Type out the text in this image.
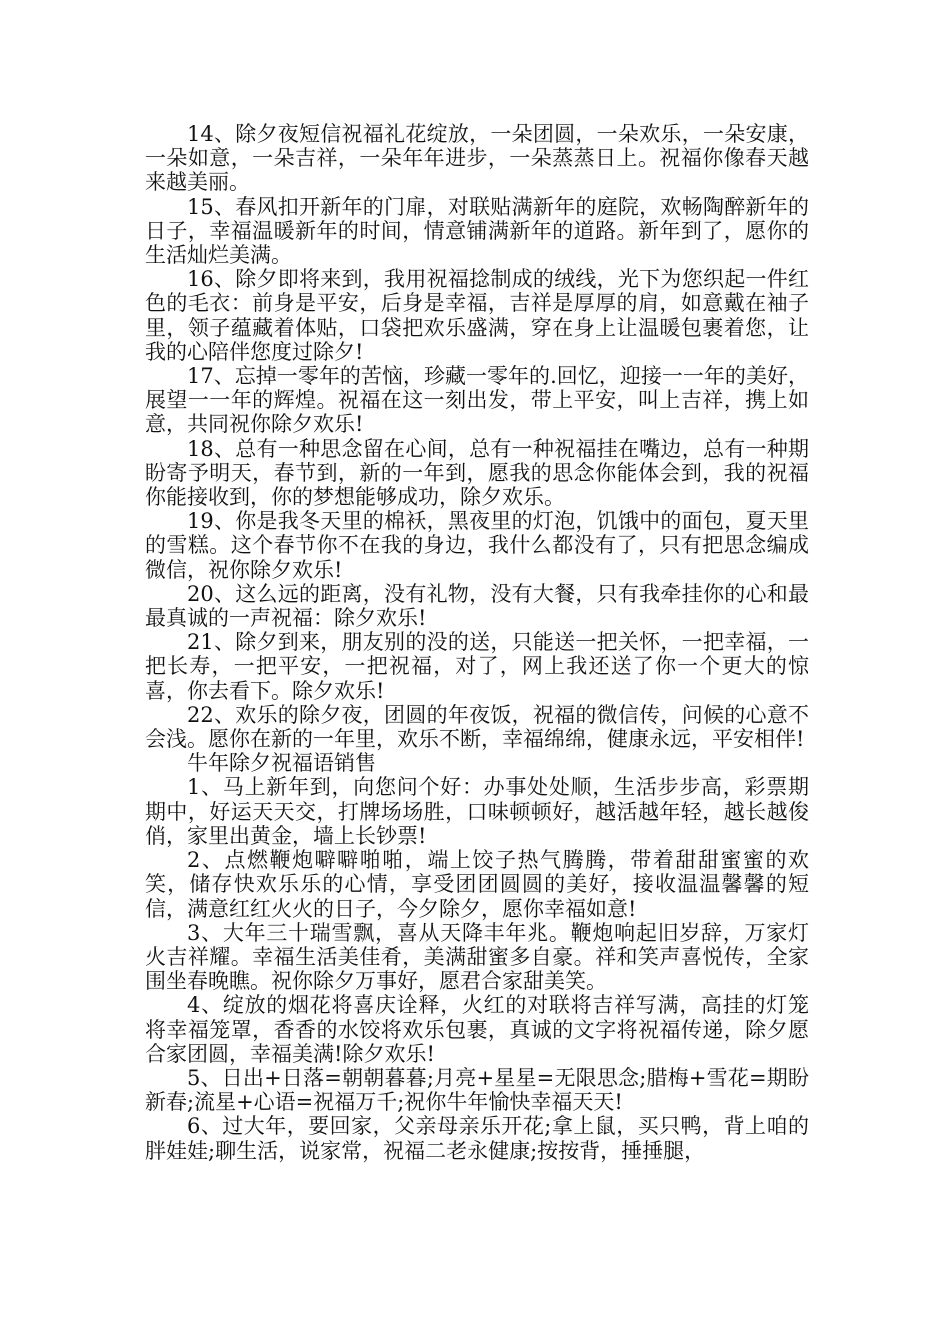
14、除夕夜短信祝福礼花绽放，一朵团圆，一朵欢乐，一朵安康，一朵如意，一朵吉祥，一朵年年进步，一朵蒸蒸日上。祝福你像春天越来越美丽。

15、春风扣开新年的门扉，对联贴满新年的庭院，欢畅陶醉新年的日子，幸福温暖新年的时间，情意铺满新年的道路。新年到了，愿你的生活灿烂美满。

16、除夕即将来到，我用祝福捻制成的绒线，光下为您织起一件红色的毛衣：前身是平安，后身是幸福，吉祥是厚厚的肩，如意戴在袖子里，领子蕴藏着体贴，口袋把欢乐盛满，穿在身上让温暖包裹着您，让我的心陪伴您度过除夕!

17、忘掉一零年的苦恼，珍藏一零年的.回忆，迎接一一年的美好，展望一一年的辉煌。祝福在这一刻出发，带上平安，叫上吉祥，携上如意，共同祝你除夕欢乐!

18、总有一种思念留在心间，总有一种祝福挂在嘴边，总有一种期盼寄予明天，春节到，新的一年到，愿我的思念你能体会到，我的祝福你能接收到，你的梦想能够成功，除夕欢乐。

19、你是我冬天里的棉袄，黑夜里的灯泡，饥饿中的面包，夏天里的雪糕。这个春节你不在我的身边，我什么都没有了，只有把思念编成微信，祝你除夕欢乐!

20、这么远的距离，没有礼物，没有大餐，只有我牵挂你的心和最最真诚的一声祝福：除夕欢乐!

21、除夕到来，朋友别的没的送，只能送一把关怀，一把幸福，一把长寿，一把平安，一把祝福，对了，网上我还送了你一个更大的惊喜，你去看下。除夕欢乐!

22、欢乐的除夕夜，团圆的年夜饭，祝福的微信传，问候的心意不会浅。愿你在新的一年里，欢乐不断，幸福绵绵，健康永远，平安相伴!

牛年除夕祝福语销售

1、马上新年到，向您问个好：办事处处顺，生活步步高，彩票期期中，好运天天交，打牌场场胜，口味顿顿好，越活越年轻，越长越俊俏，家里出黄金，墙上长钞票!

2、点燃鞭炮噼噼啪啪，端上饺子热气腾腾，带着甜甜蜜蜜的欢笑，储存快欢乐乐的心情，享受团团圆圆的美好，接收温温馨馨的短信，满意红红火火的日子，今夕除夕，愿你幸福如意!

3、大年三十瑞雪飘，喜从天降丰年兆。鞭炮响起旧岁辞，万家灯火吉祥耀。幸福生活美佳肴，美满甜蜜多自豪。祥和笑声喜悦传，全家围坐春晚瞧。祝你除夕万事好，愿君合家甜美笑。

4、绽放的烟花将喜庆诠释，火红的对联将吉祥写满，高挂的灯笼将幸福笼罩，香香的水饺将欢乐包裹，真诚的文字将祝福传递，除夕愿合家团圆，幸福美满!除夕欢乐!

5、日出+日落=朝朝暮暮;月亮+星星=无限思念;腊梅+雪花=期盼新春;流星+心语=祝福万千;祝你牛年愉快幸福天天!

6、过大年，要回家，父亲母亲乐开花;拿上鼠，买只鸭，背上咱的胖娃娃;聊生活，说家常，祝福二老永健康;按按背，捶捶腿，
